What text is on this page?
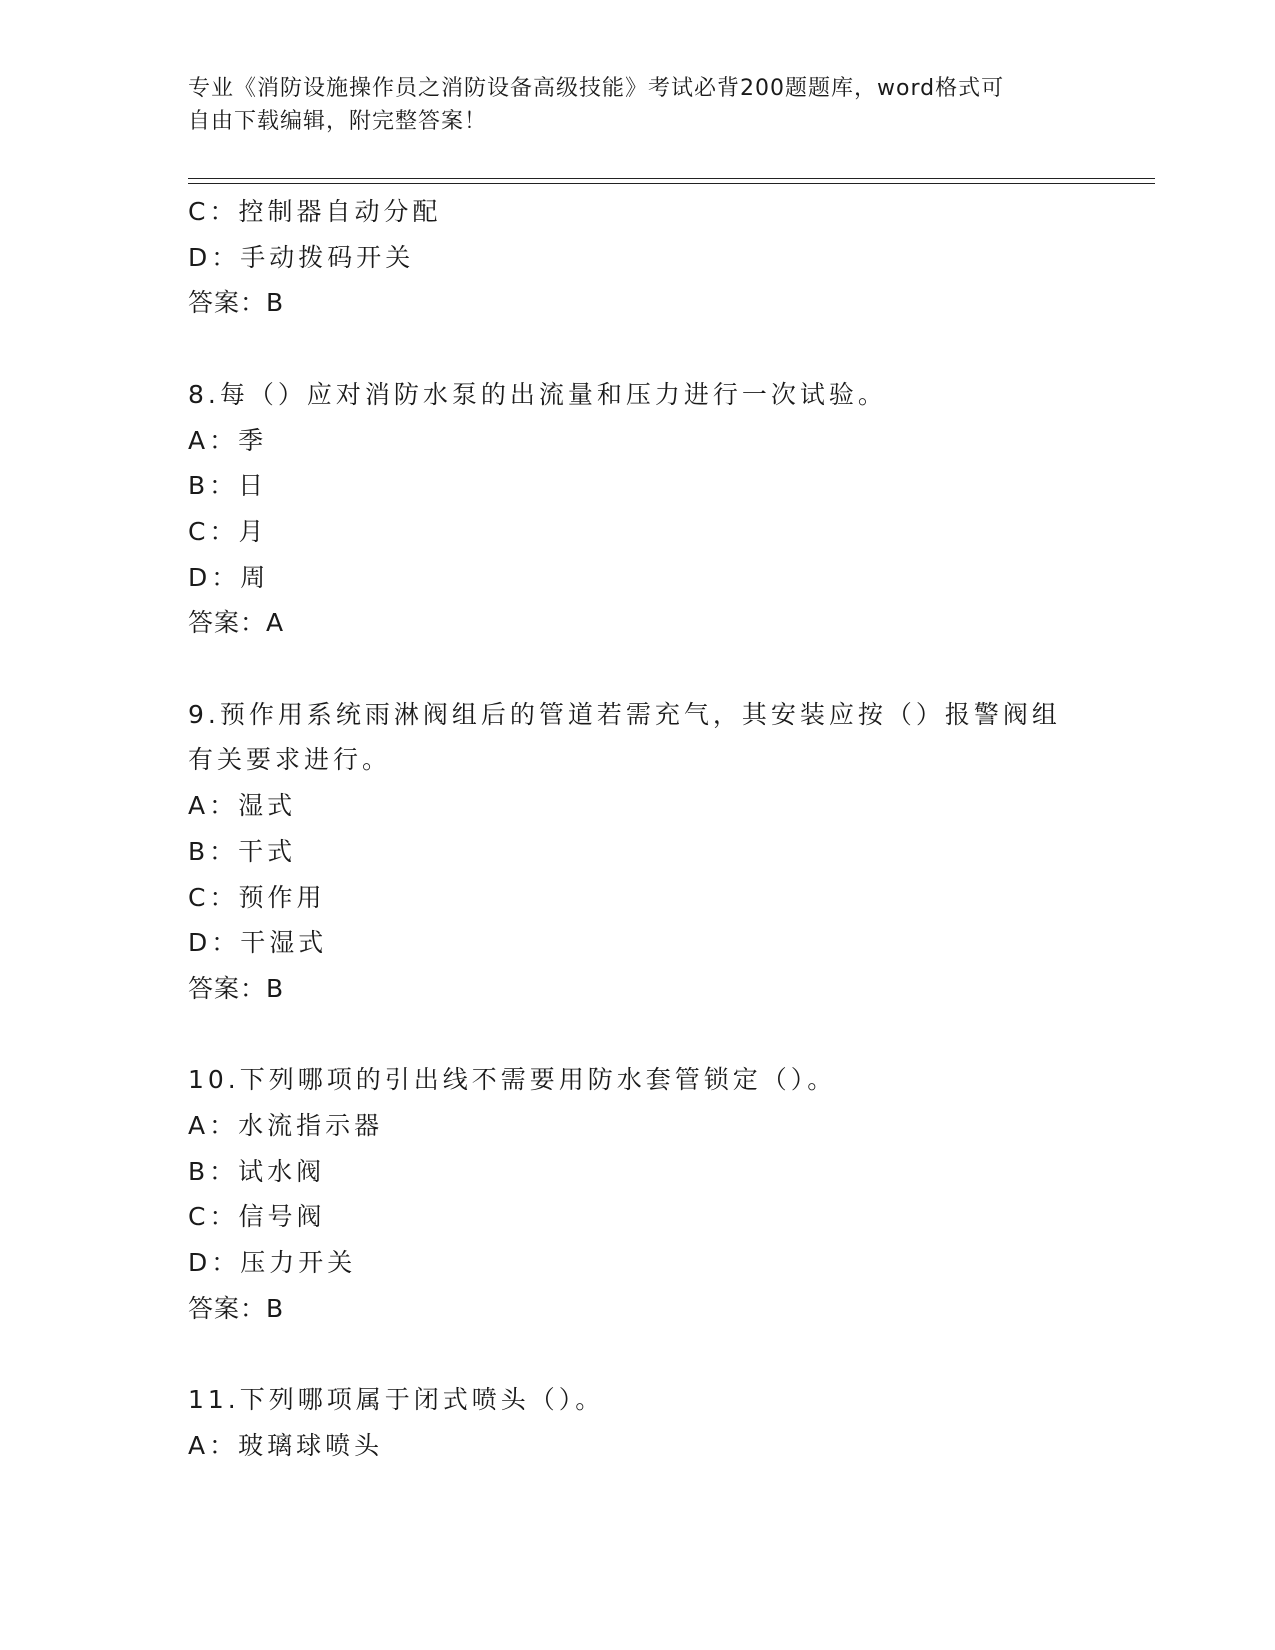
专业《消防设施操作员之消防设备高级技能》考试必背200题题库，word格式可
自由下载编辑，附完整答案！
C：控制器自动分配
D：手动拨码开关
答案：B
8.每（）应对消防水泵的出流量和压力进行一次试验。
A：季
B：日
C：月
D：周
答案：A
9.预作用系统雨淋阀组后的管道若需充气，其安装应按（）报警阀组
有关要求进行。
A：湿式
B：干式
C：预作用
D：干湿式
答案：B
10.下列哪项的引出线不需要用防水套管锁定（）。
A：水流指示器
B：试水阀
C：信号阀
D：压力开关
答案：B
11.下列哪项属于闭式喷头（）。
A：玻璃球喷头
